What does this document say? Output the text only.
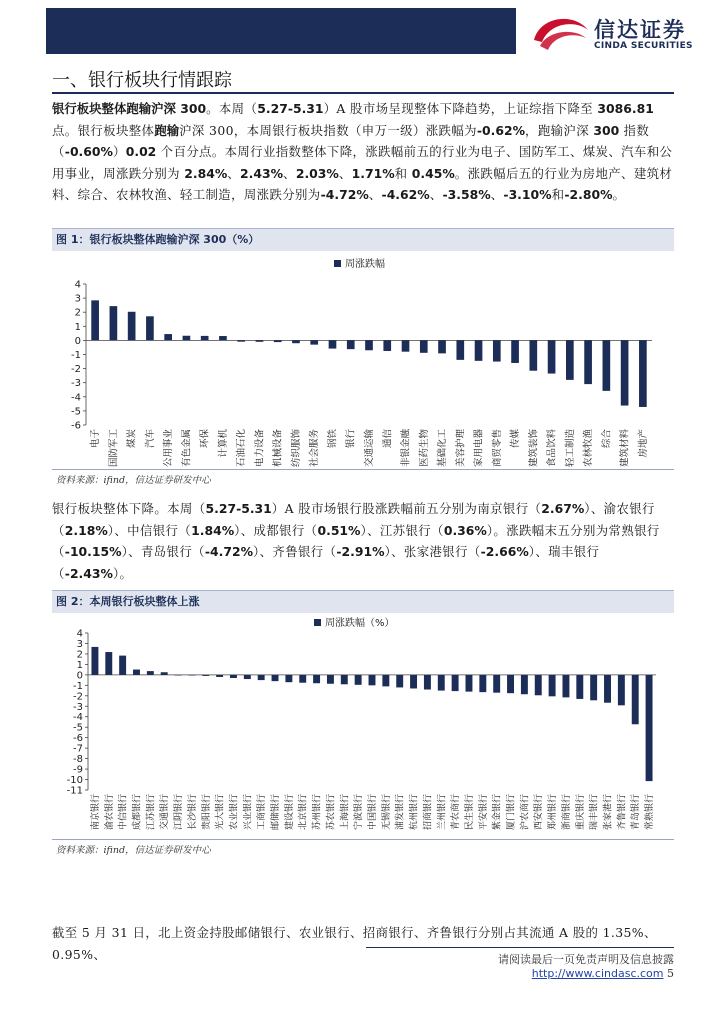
信达证券
CINDA SECURITIES
一、银行板块行情跟踪
银行板块整体跑输沪深 300。本周（5.27-5.31）A 股市场呈现整体下降趋势，上证综指下降至 3086.81 点。银行板块整体跑输沪深 300，本周银行板块指数（申万一级）涨跌幅为-0.62%，跑输沪深 300 指数（-0.60%）0.02 个百分点。本周行业指数整体下降，涨跌幅前五的行业为电子、国防军工、煤炭、汽车和公用事业，周涨跌分别为 2.84%、2.43%、2.03%、1.71%和 0.45%。涨跌幅后五的行业为房地产、建筑材料、综合、农林牧渔、轻工制造，周涨跌分别为-4.72%、-4.62%、-3.58%、-3.10%和-2.80%。
图 1：银行板块整体跑输沪深 300（%）
周涨跌幅
4
3
2
1
0
-1
-2
-3
-4
-5
-6
电子 国防军工 煤炭 汽车 公用事业 有色金属 环保 计算机 石油石化 电力设备 机械设备 纺织服饰 社会服务 钢铁 银行 交通运输 通信 非银金融 医药生物 基础化工 美容护理 家用电器 商贸零售 传媒 建筑装饰 食品饮料 轻工制造 农林牧渔 综合 建筑材料 房地产
资料来源：ifind，信达证券研发中心
银行板块整体下降。本周（5.27-5.31）A 股市场银行股涨跌幅前五分别为南京银行（2.67%）、渝农银行（2.18%）、中信银行（1.84%）、成都银行（0.51%）、江苏银行（0.36%）。涨跌幅末五分别为常熟银行（-10.15%）、青岛银行（-4.72%）、齐鲁银行（-2.91%）、张家港银行（-2.66%）、瑞丰银行（-2.43%）。
图 2：本周银行板块整体上涨
周涨跌幅（%）
4
3
2
1
0
-1
-2
-3
-4
-5
-6
-7
-8
-9
-10
-11
南京银行 渝农银行 中信银行 成都银行 江苏银行 交通银行 江阴银行 长沙银行 贵阳银行 光大银行 农业银行 兴业银行 工商银行 邮储银行 建设银行 北京银行 苏州银行 苏农银行 上海银行 宁波银行 中国银行 无锡银行 浦发银行 杭州银行 招商银行 兰州银行 青农商行 民生银行 平安银行 紫金银行 厦门银行 沪农商行 西安银行 郑州银行 浙商银行 重庆银行 瑞丰银行 张家港行 齐鲁银行 青岛银行 常熟银行
资料来源：ifind，信达证券研发中心
截至 5 月 31 日，北上资金持股邮储银行、农业银行、招商银行、齐鲁银行分别占其流通 A 股的 1.35%、0.95%、	请阅读最后一页免责声明及信息披露 http://www.cindasc.com 5
